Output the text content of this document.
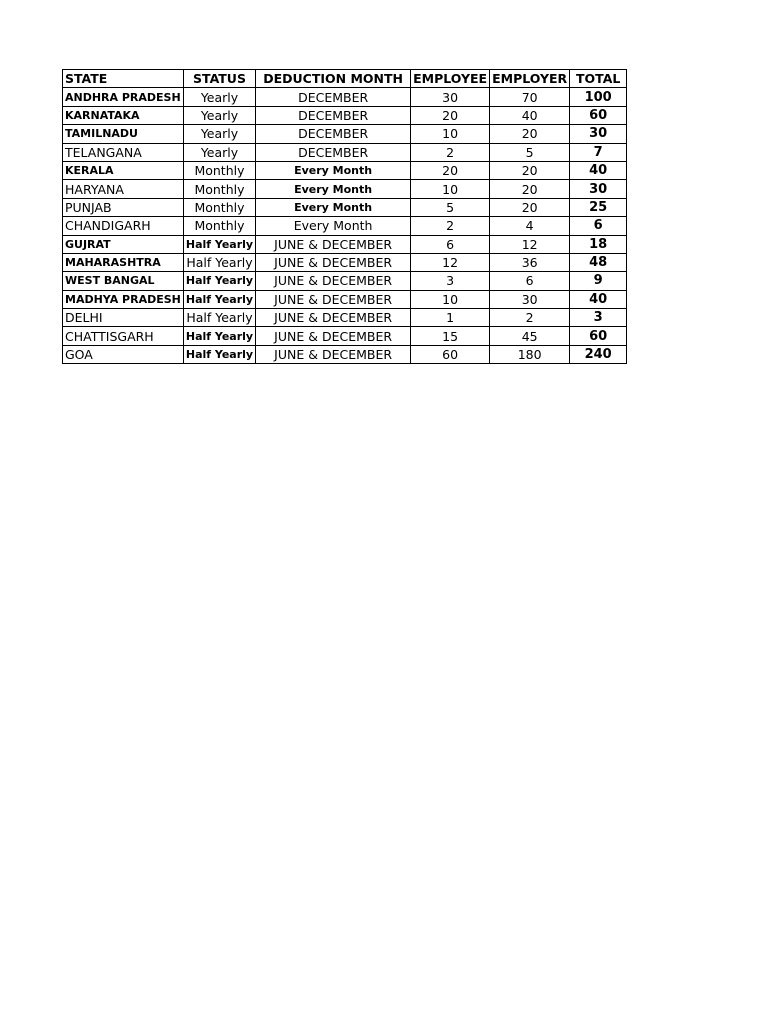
STATE	STATUS	DEDUCTION MONTH	EMPLOYEE	EMPLOYER	TOTAL
ANDHRA PRADESH	Yearly	DECEMBER	30	70	100
KARNATAKA	Yearly	DECEMBER	20	40	60
TAMILNADU	Yearly	DECEMBER	10	20	30
TELANGANA	Yearly	DECEMBER	2	5	7
KERALA	Monthly	Every Month	20	20	40
HARYANA	Monthly	Every Month	10	20	30
PUNJAB	Monthly	Every Month	5	20	25
CHANDIGARH	Monthly	Every Month	2	4	6
GUJRAT	Half Yearly	JUNE & DECEMBER	6	12	18
MAHARASHTRA	Half Yearly	JUNE & DECEMBER	12	36	48
WEST BANGAL	Half Yearly	JUNE & DECEMBER	3	6	9
MADHYA PRADESH	Half Yearly	JUNE & DECEMBER	10	30	40
DELHI	Half Yearly	JUNE & DECEMBER	1	2	3
CHATTISGARH	Half Yearly	JUNE & DECEMBER	15	45	60
GOA	Half Yearly	JUNE & DECEMBER	60	180	240
